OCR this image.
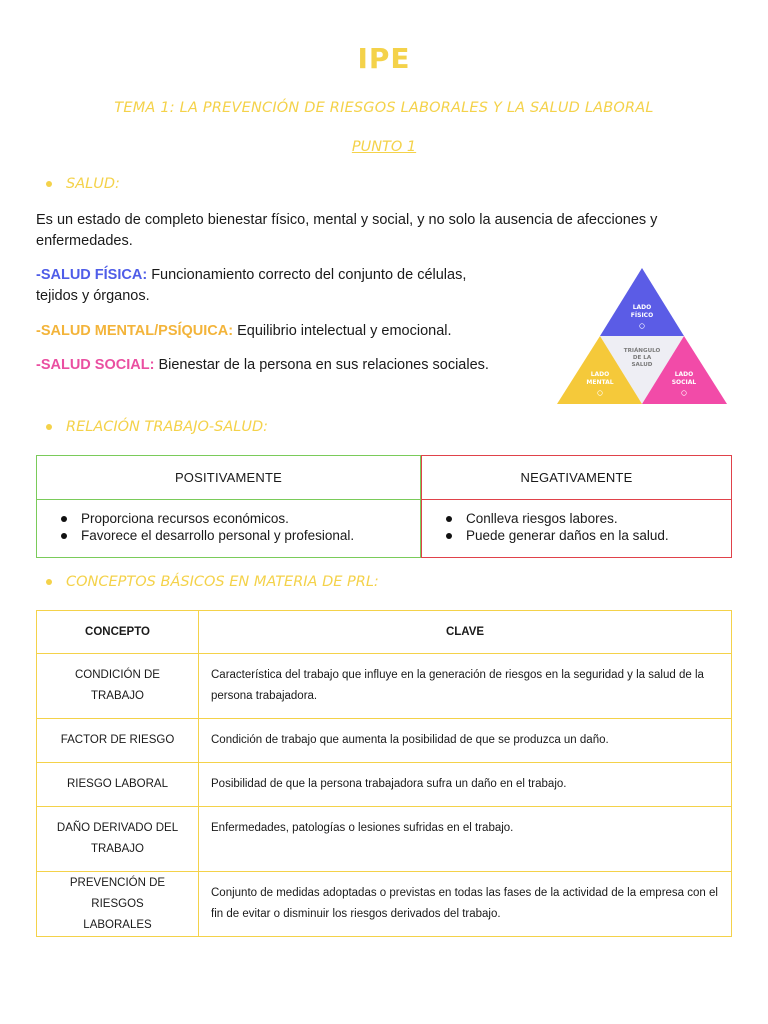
IPE
TEMA 1: LA PREVENCIÓN DE RIESGOS LABORALES Y LA SALUD LABORAL
PUNTO 1
SALUD:
Es un estado de completo bienestar físico, mental y social, y no solo la ausencia de afecciones y enfermedades.
-SALUD FÍSICA: Funcionamiento correcto del conjunto de células,
tejidos y órganos.
-SALUD MENTAL/PSÍQUICA: Equilibrio intelectual y emocional.
-SALUD SOCIAL: Bienestar de la persona en sus relaciones sociales.
LADO
FÍSICO
TRIÁNGULO
DE LA
SALUD
LADO
MENTAL
LADO
SOCIAL
RELACIÓN TRABAJO-SALUD:
POSITIVAMENTE
Proporciona recursos económicos.
Favorece el desarrollo personal y profesional.
NEGATIVAMENTE
Conlleva riesgos labores.
Puede generar daños en la salud.
CONCEPTOS BÁSICOS EN MATERIA DE PRL:
CONCEPTO	CLAVE

CONDICIÓN DE TRABAJO	Característica del trabajo que influye en la generación de riesgos en la seguridad y la salud de la persona trabajadora.

FACTOR DE RIESGO	Condición de trabajo que aumenta la posibilidad de que se produzca un daño.

RIESGO LABORAL	Posibilidad de que la persona trabajadora sufra un daño en el trabajo.

DAÑO DERIVADO DEL TRABAJO	Enfermedades, patologías o lesiones sufridas en el trabajo.

PREVENCIÓN DE RIESGOS LABORALES	Conjunto de medidas adoptadas o previstas en todas las fases de la actividad de la empresa con el fin de evitar o disminuir los riesgos derivados del trabajo.
